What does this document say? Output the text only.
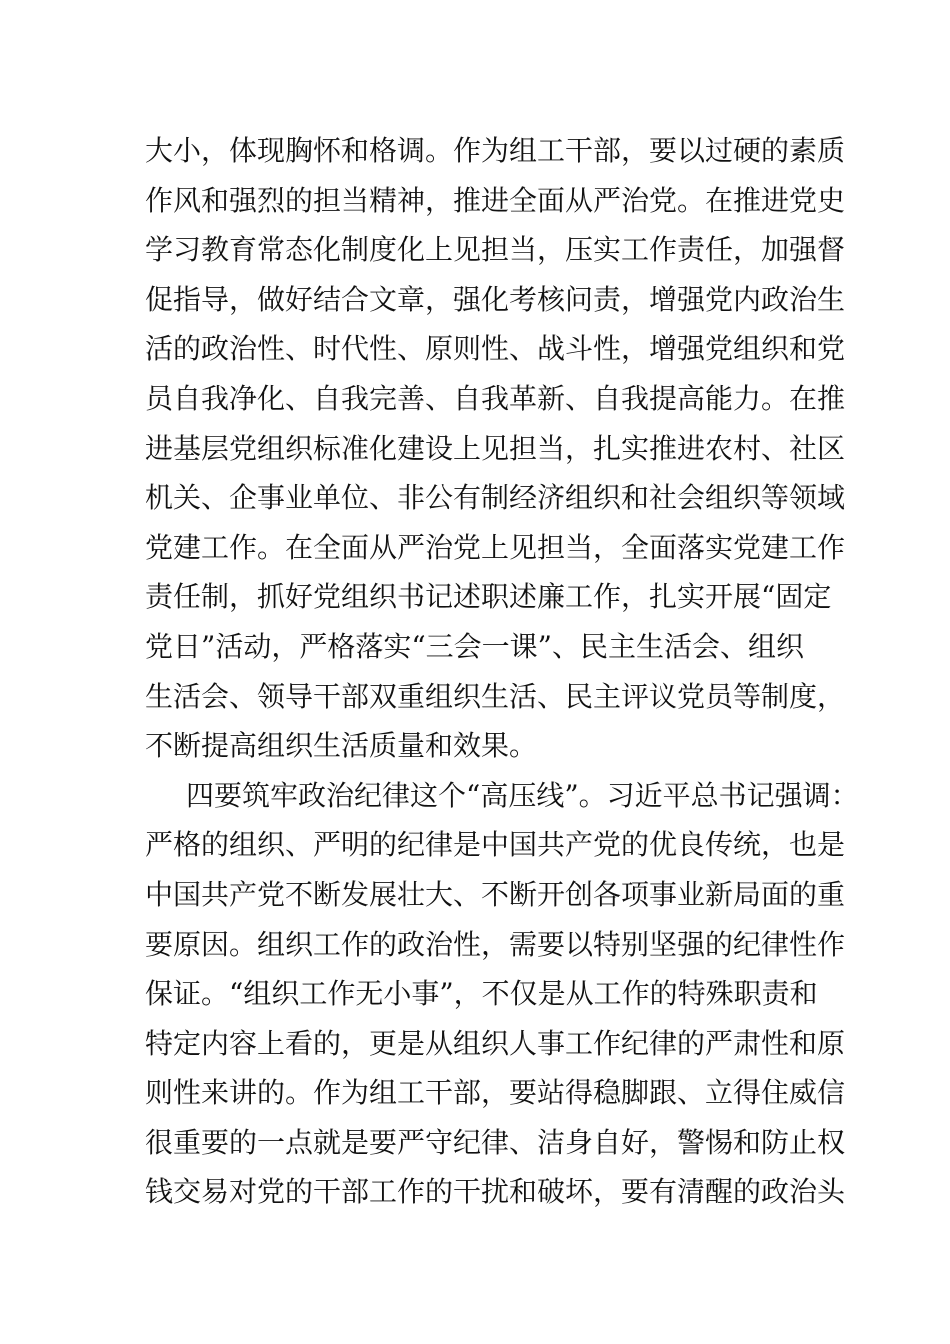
大小，体现胸怀和格调。作为组工干部，要以过硬的素质
作风和强烈的担当精神，推进全面从严治党。在推进党史
学习教育常态化制度化上见担当，压实工作责任，加强督
促指导，做好结合文章，强化考核问责，增强党内政治生
活的政治性、时代性、原则性、战斗性，增强党组织和党
员自我净化、自我完善、自我革新、自我提高能力。在推
进基层党组织标准化建设上见担当，扎实推进农村、社区
机关、企事业单位、非公有制经济组织和社会组织等领域
党建工作。在全面从严治党上见担当，全面落实党建工作
责任制，抓好党组织书记述职述廉工作，扎实开展“固定
党日”活动，严格落实“三会一课”、民主生活会、组织
生活会、领导干部双重组织生活、民主评议党员等制度，
不断提高组织生活质量和效果。
四要筑牢政治纪律这个“高压线”。习近平总书记强调：
严格的组织、严明的纪律是中国共产党的优良传统，也是
中国共产党不断发展壮大、不断开创各项事业新局面的重
要原因。组织工作的政治性，需要以特别坚强的纪律性作
保证。“组织工作无小事”，不仅是从工作的特殊职责和
特定内容上看的，更是从组织人事工作纪律的严肃性和原
则性来讲的。作为组工干部，要站得稳脚跟、立得住威信
很重要的一点就是要严守纪律、洁身自好，警惕和防止权
钱交易对党的干部工作的干扰和破坏，要有清醒的政治头
